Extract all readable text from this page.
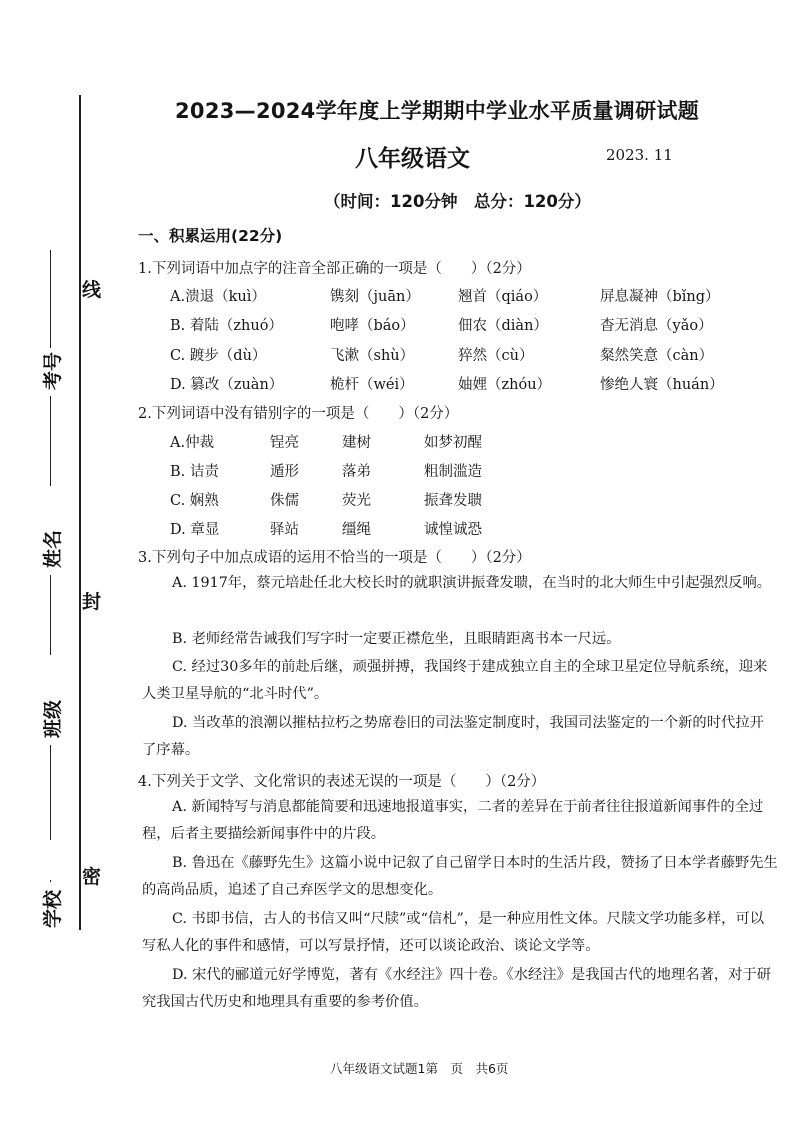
线
封
密
考号
姓名
班级
学校
2023—2024学年度上学期期中学业水平质量调研试题
八年级语文	2023. 11
（时间：120分钟　总分：120分）
一、积累运用(22分)
1.下列词语中加点字的注音全部正确的一项是（　　）（2分）
A.溃退（kuì）	镌刻（juān）	翘首（qiáo）	屏息凝神（bǐng）
B. 着陆（zhuó）	咆哮（báo）	佃农（diàn）	杳无消息（yǎo）
C. 踱步（dù）	飞漱（shù）	猝然（cù）	粲然笑意（càn）
D. 篡改（zuàn）	桅杆（wéi）	妯娌（zhóu）	惨绝人寰（huán）
2.下列词语中没有错别字的一项是（　　）（2分）
A.仲裁	锃亮	建树	如梦初醒
B. 诘责	遁形	落弟	粗制滥造
C. 娴熟	侏儒	荧光	振聋发聩
D. 章显	驿站	缰绳	诚惶诚恐
3.下列句子中加点成语的运用不恰当的一项是（　　）（2分）
A. 1917年，蔡元培赴任北大校长时的就职演讲振聋发聩，在当时的北大师生中引起强烈反响。
B. 老师经常告诫我们写字时一定要正襟危坐，且眼睛距离书本一尺远。
C. 经过30多年的前赴后继，顽强拼搏，我国终于建成独立自主的全球卫星定位导航系统，迎来人类卫星导航的“北斗时代”。
D. 当改革的浪潮以摧枯拉朽之势席卷旧的司法鉴定制度时，我国司法鉴定的一个新的时代拉开了序幕。
4.下列关于文学、文化常识的表述无误的一项是（　　）（2分）
A. 新闻特写与消息都能简要和迅速地报道事实，二者的差异在于前者往往报道新闻事件的全过程，后者主要描绘新闻事件中的片段。
B. 鲁迅在《藤野先生》这篇小说中记叙了自己留学日本时的生活片段，赞扬了日本学者藤野先生的高尚品质，追述了自己弃医学文的思想变化。
C. 书即书信，古人的书信又叫“尺牍”或“信札”，是一种应用性文体。尺牍文学功能多样，可以写私人化的事件和感情，可以写景抒情，还可以谈论政治、谈论文学等。
D. 宋代的郦道元好学博览，著有《水经注》四十卷。《水经注》是我国古代的地理名著，对于研究我国古代历史和地理具有重要的参考价值。
八年级语文试题1第　页　共6页
